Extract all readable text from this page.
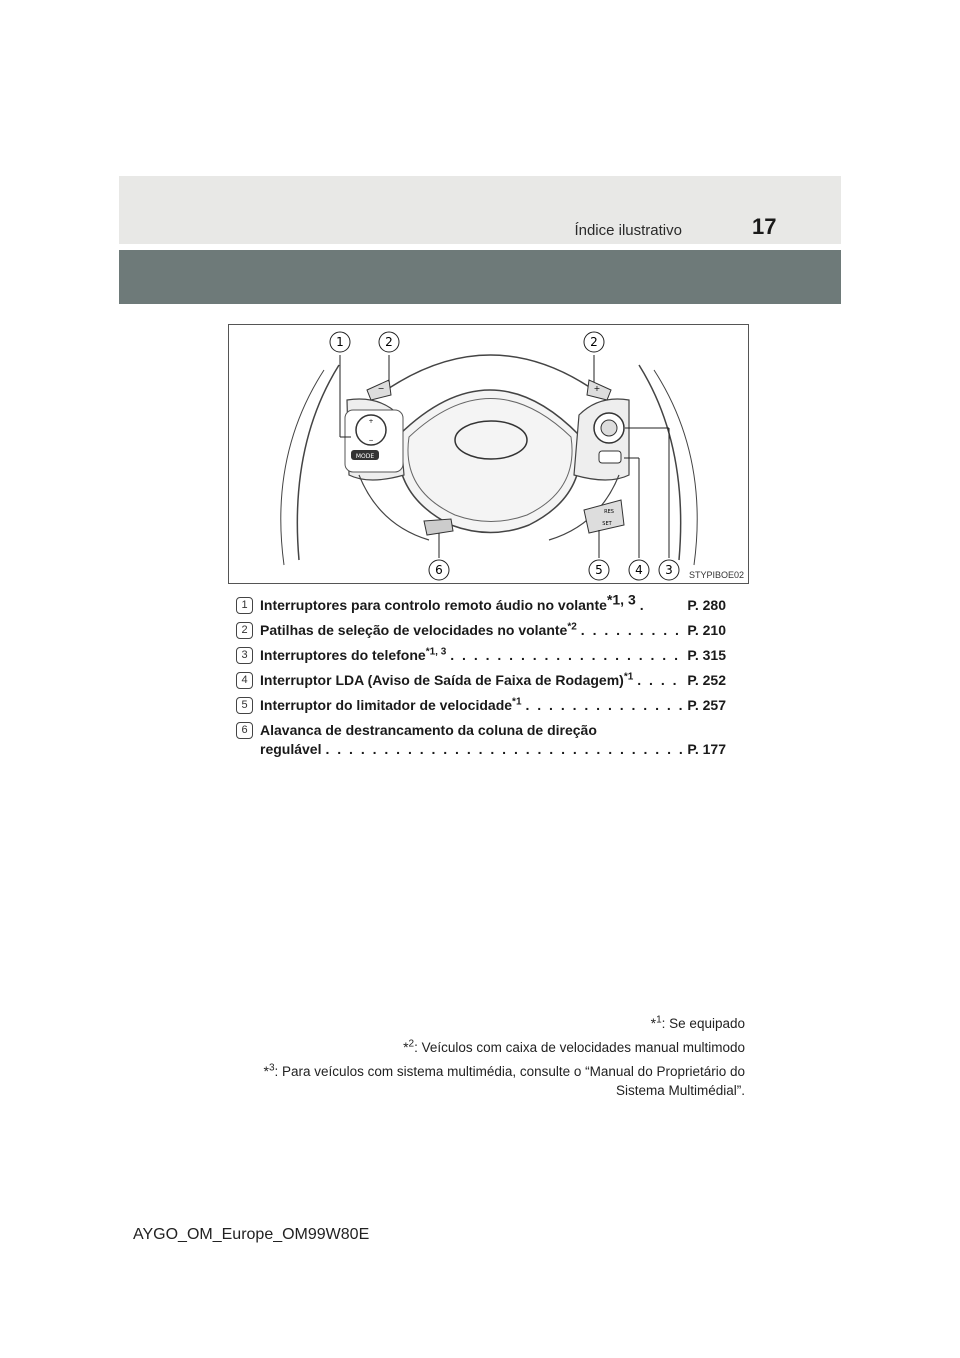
Índice ilustrativo	17
+
−
MODE
−	+
RES
SET
1	2	2
6	5	4 3 STYPIBOE02
1 Interruptores para controlo remoto áudio no volante$^{*1, 3}$ .	P. 280
2 Patilhas de seleção de velocidades no volante$^{*2}$ . . .	P. 210
3 Interruptores do telefone$^{*1, 3}$ . . .	P. 315
4 Interruptor LDA (Aviso de Saída de Faixa de Rodagem)$^{*1}$ . . .	P. 252
5 Interruptor do limitador de velocidade$^{*1}$ . . .	P. 257
6 Alavanca de destrancamento da coluna de direção
regulável . . .	P. 177

*$^1$: Se equipado

*$^2$: Veículos com caixa de velocidades manual multimodo

*$^3$: Para veículos com sistema multimédia, consulte o “Manual do Proprietário do
Sistema Multimédial”.

AYGO_OM_Europe_OM99W80E
